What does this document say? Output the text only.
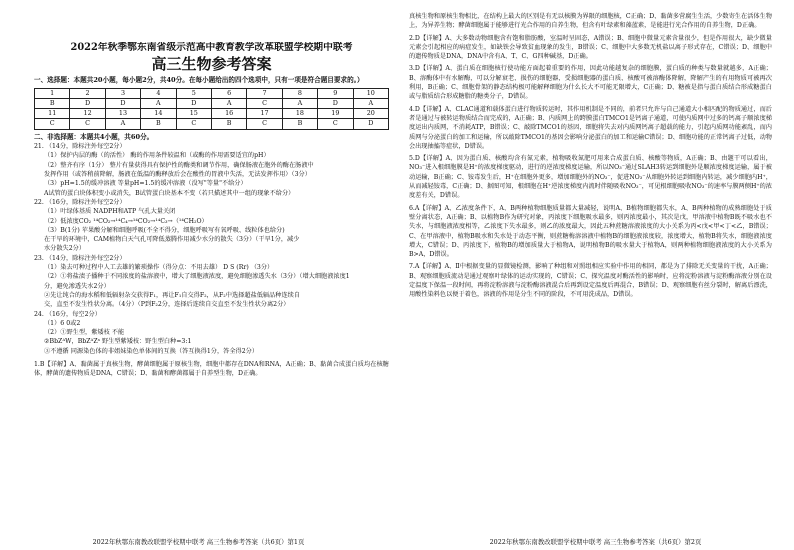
2022年秋季鄂东南省级示范高中教育教学改革联盟学校期中联考
高三生物参考答案
一、选择题：本题共20小题，每小题2分，共40分。在每小题给出的四个选项中，只有一项是符合题目要求的。）
1	2	3	4	5	6	7	8	9	10
B	D	D	A	D	A	C	A	D	A
11	12	13	14	15	16	17	18	19	20
C	C	A	B	C	B	C	B	C	D
二、非选择题：本题共4小题，共60分。
21. （14分，除标注外每空2分）
（1）保护内层的酶（的活性） 酶的作用条件较温和（或酶的作用需要适宜的pH）
（2）整齐有序（1分） 整片有量获得具有保护性的酶类和调节作用，确保肠液在胞外的酶在肠液中
发挥作用（或答稍前降解，肠液在低温的酶释放后会在酸性的胃液中失活，无法发挥作用）（3分）
（3）pH=1.5的缓冲溶液 等量pH=1.5的缓冲溶液（没写"等量"不给分）
A试管的蛋白块体积变小或消失，B试管蛋白块基本不变（若只描述其中一组的现象不给分）
22. （16分，除标注外每空2分）
（1）叶绿体基质 NADPH和ATP 气孔大量关闭
（2）低浓度CO₂ ¹⁴CO₂→¹⁴C₄→¹⁴CO₂→¹⁴C₃→（¹⁴CH₂O）
（3）B(1分) 苹果酸分解和细胞呼吸(不全不得分，细胞呼吸写有氧呼吸、线粒体也给分)
在干旱的环境中，CAM植物白天气孔可降低蒸腾作用减少水分的散失（3分）（干旱1分，减少
水分散失2分）
23. （14分，除标注外每空2分）
（1）染去可种过程中人工去雄的繁琐操作（得分点：不用去雄） D S (Rr) （3分）
（2）①将盐渍子播种于不同浓度的盐溶液中，增大了细胞液浓度，避免细胞渗透失水（3分）（增大细胞液浓度1
分，避免渗透失水2分）
②先让纯合的海水稻和低辐射杂交获得F₁，再让F₁自交得F₂，从F₂中选择超盐低辐品种连续自
交，直至不发生性状分离。（4分）（P到F₂2分，连择后连续自交直至不发生性状分离2分）
24. （16分，每空2分）
（1）6 0或2
（2）①野生型，紫矮枝 不能
②BbZᴬW，BbZᴬZᵃ 野生型紫矮枝：野生型白种=3:1
③不遵循 同源染色体的非姐妹染色单体间的互换（答互换得1分，答全得2分）

1.B【详解】A、黏菌属于真核生物，酵菌细胞属于原核生物，细胞中都存在DNA和RNA，A正确；B、黏菌合成蛋白质均在核糖体，酵菌的遗传物质是DNA，C错误；D、黏菌和酵菌都属于自养型生物，D正确。

2022年秋鄂东南教改联盟学校期中联考 高三生物参考答案（共6页）第1页

真核生物和原核生物相比，在结构上最大的区别是有无以核膜为界限的细胞核，C正确；D、黏菌多营腐生生活，少数寄生在活体生物上，为异养生物；酵菌细胞属于能够进行光合作用的自养生物，但含有叶绿素和藻蓝素，是能进行光合作用的自养生物，D正确。

2.D【详解】A、大多数动物细胞含有饱和脂肪酸，室温时呈固态，A错误；B、细胞中微量元素含量很少，但是作用很大，缺少微量元素会引起相应的病症发生，如缺铁会导致贫血现象的发生，B错误；C、细胞中大多数无机盐以离子形式存在，C错误；D、细胞中的遗传物质是DNA，DNA中含有A、T、C、G四种碱基，D正确。

3.D【详解】A、蛋白质在细胞核行使功能方面起着重要的作用，因此功能越复杂的细胞膜，蛋白质的种类与数量就越多，A正确；B、溶酶体中有水解酶，可以分解衰老、损伤的细胞器，受损细胞器的蛋白质、核酸可被溶酶体降解，降解产生的有用物质可被再次利用，B正确；C、细胞骨架的静态结构极可能解释细胞为什么长大不可能无限增大，C正确；D、糖被是指与蛋白质结合形成糖蛋白或与脂质结合形成糖脂的糖类分子，D错误。

4.D【详解】A、CLAC通道和载体蛋白进行物质转运时，其作用机制是不同的，前者只允许与自己通道大小相匹配的物质通过，而后者是通过与被转运物质结合而完成的，A正确；B、内质网上的跨膜蛋白TMCO1是钙离子通道，可使内质网中过多的钙离子顺浓度梯度运出内质网，不消耗ATP，B错误；C、敲除TMCO1的基因，细胞将失去对内质网钙离子超载的能力，引起内质网功能紊乱，而内质网与分泌蛋白的加工和运输，所以敲除TMCO1的基因会影响分泌蛋白的加工和运输C错误；D、细胞功能的正常钙离子过低，动物会出现抽搐等症状，D错误。

5.D【详解】A、因为蛋白质、核酸均含有氮元素，植物吸收氮肥可用来合成蛋白质、核酸等物质，A正确；B、由题干可以看出，NO₃⁻进入根细胞膜是H⁺的浓度梯度驱动，进行的逆浓度梯度运输，所以NO₃⁻通过SLAH3转运到细胞外是顺浓度梯度运输，属于被动运输，B正确；C、铵毒发生后，H⁺在细胞外更多，增加细胞外的NO₃⁻，促进NO₃⁻从细胞外转运到细胞内转运，减少细胞内H⁺，从而减轻铵毒，C正确；D、据图可知，根细胞在H⁺逆浓度梯度内流时伴随吸收NO₃⁻，可见根细胞吸收NO₃⁻的速率与膜两侧H⁺的浓度差有关，D错误。

6.A【详解】A、乙浓度条件下，A、B两种植物细胞质量都大量减轻，说明A、B植物细胞都失水，A、B两种植物的成熟细胞处于质壁分离状态，A正确；B、以植物B作为研究对象，丙浓度下细胞吸水最多，则丙浓度最小，其次是戊，甲溶液中植物B既不吸水也不失水，与细胞液浓度相等，乙浓度下失水最多，则乙的浓度最大，因此五种蔗糖溶液浓度的大小关系为丙<戊<甲<丁<乙，B错误；C、在甲溶液中，植物B吸水和失水处于动态平衡，则蔗糖梅溶溶液中植物B的细胞液浓度较，浓度增大，植物B将失水，细胞液浓度增大，C错误；D、丙浓度下，植物B的增加质量大于植物A，说明植物B的吸水量大于植物A，则两种植物细胞液浓度的大小关系为B>A，D错误。

7.A【详解】A、Ⅱ中根据变量的显微镜检测，影响了种组和对照组相应实验中作用的相同，都是为了排除无关变量的干扰，A正确；B、观察细胞质流动是通过观察叶绿体的运动实现的，C错误；C、探究温度对酶活性的影响时，应将淀粉溶液与淀粉酶溶液分别在设定温度下保温一段时间，再将淀粉溶液与淀粉酶溶液混合后再到设定温度后再混合，B错误；D、观察细胞有丝分裂时，解离后漂洗，用酸性染料色以便于着色，溶液的作用是分生不同的阶段，不可用洗成品，D错误。

2022年秋鄂东南教改联盟学校期中联考 高三生物参考答案（共6页）第2页
